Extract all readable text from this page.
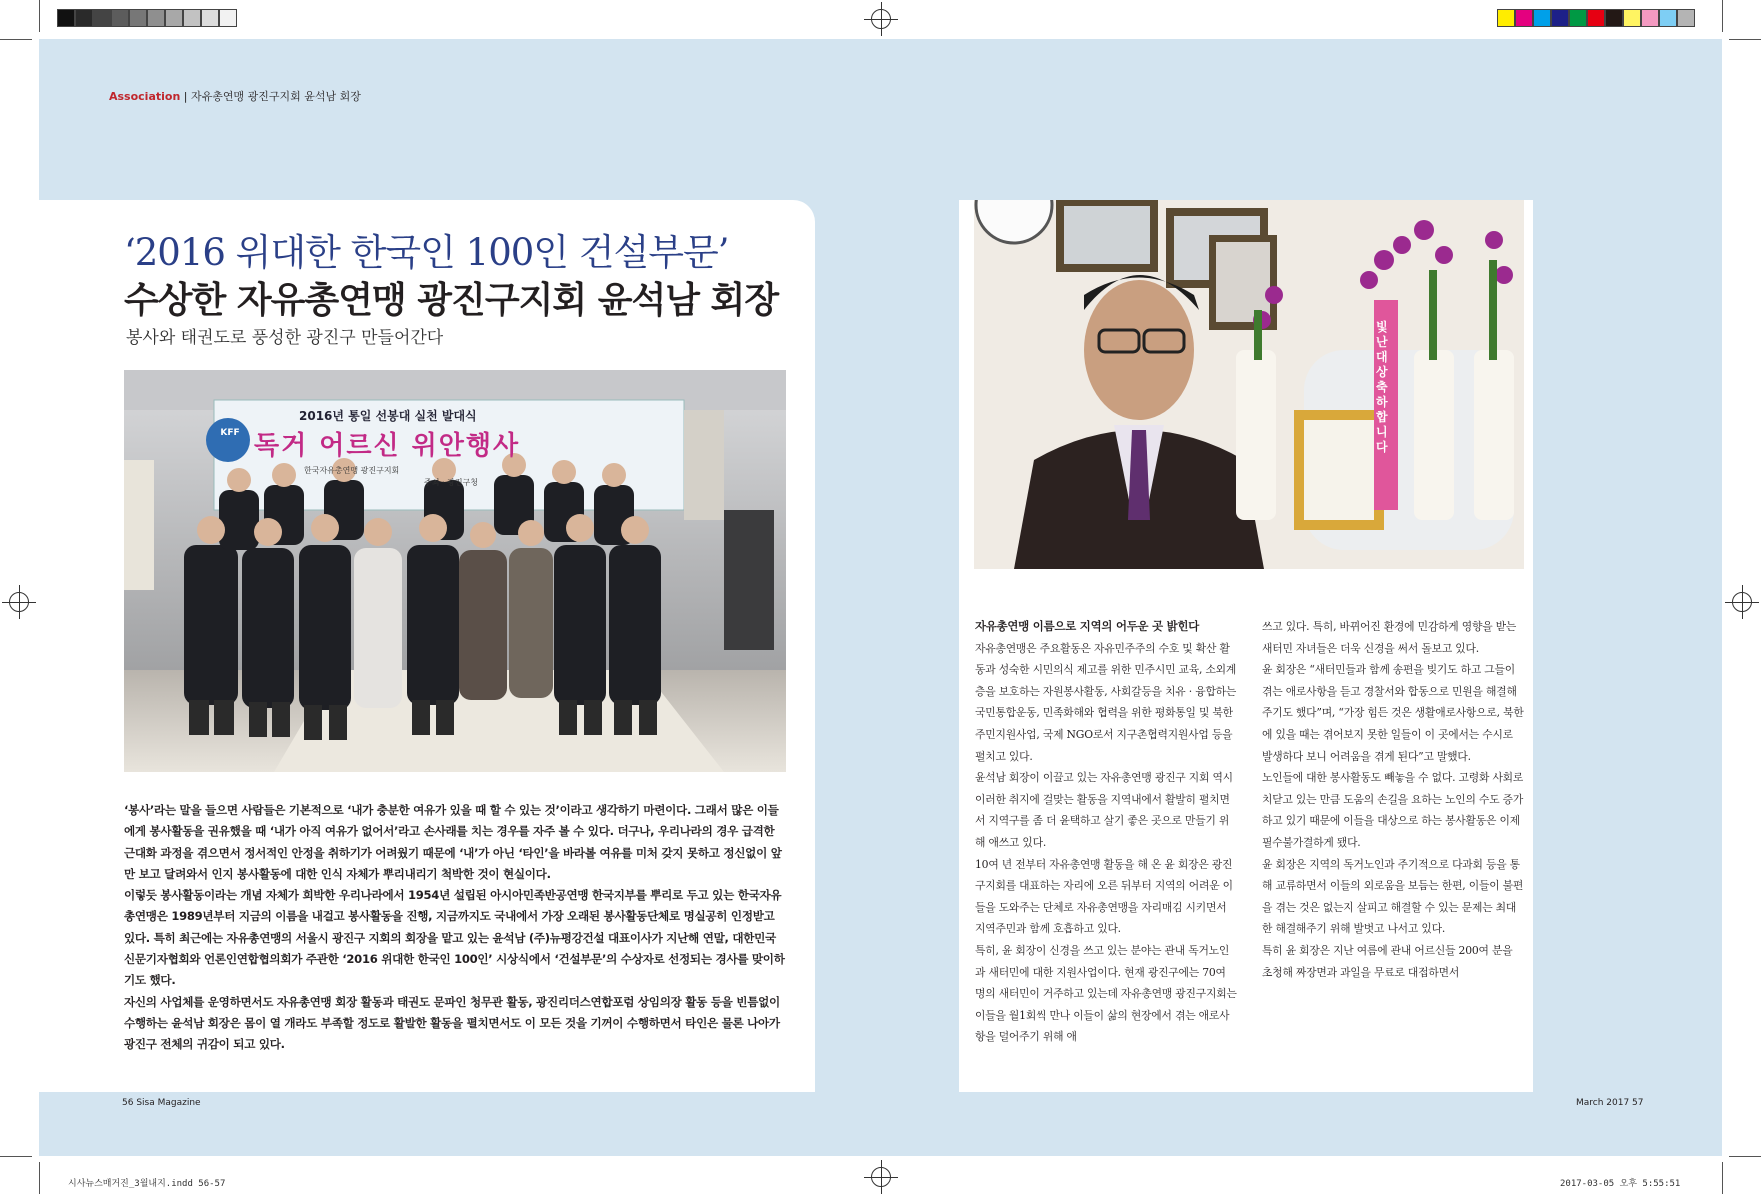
Association | 자유총연맹 광진구지회 윤석남 회장
‘2016 위대한 한국인 100인 건설부문’
수상한 자유총연맹 광진구지회 윤석남 회장
봉사와 태권도로 풍성한 광진구 만들어간다
KFF
2016년 통일 선봉대 실천 발대식
독거 어르신 위안행사
한국자유총연맹 광진구지회
주최 · 광진구청
빛난 대상 축하합니다

‘봉사’라는 말을 들으면 사람들은 기본적으로 ‘내가 충분한 여유가 있을 때 할 수 있는 것’이라고 생각하기 마련이다. 그래서 많은 이들에게 봉사활동을 권유했을 때 ‘내가 아직 여유가 없어서’라고 손사래를 치는 경우를 자주 볼 수 있다. 더구나, 우리나라의 경우 급격한 근대화 과정을 겪으면서 정서적인 안정을 취하기가 어려웠기 때문에 ‘내’가 아닌 ‘타인’을 바라볼 여유를 미처 갖지 못하고 정신없이 앞만 보고 달려와서 인지 봉사활동에 대한 인식 자체가 뿌리내리기 척박한 것이 현실이다.

이렇듯 봉사활동이라는 개념 자체가 희박한 우리나라에서 1954년 설립된 아시아민족반공연맹 한국지부를 뿌리로 두고 있는 한국자유총연맹은 1989년부터 지금의 이름을 내걸고 봉사활동을 진행, 지금까지도 국내에서 가장 오래된 봉사활동단체로 명실공히 인정받고 있다. 특히 최근에는 자유총연맹의 서울시 광진구 지회의 회장을 맡고 있는 윤석남 (주)뉴평강건설 대표이사가 지난해 연말, 대한민국신문기자협회와 언론인연합협의회가 주관한 ‘2016 위대한 한국인 100인’ 시상식에서 ‘건설부문’의 수상자로 선정되는 경사를 맞이하기도 했다.

자신의 사업체를 운영하면서도 자유총연맹 회장 활동과 태권도 문파인 청무관 활동, 광진리더스연합포럼 상임의장 활동 등을 빈틈없이 수행하는 윤석남 회장은 몸이 열 개라도 부족할 정도로 활발한 활동을 펼치면서도 이 모든 것을 기꺼이 수행하면서 타인은 물론 나아가 광진구 전체의 귀감이 되고 있다.

자유총연맹 이름으로 지역의 어두운 곳 밝힌다

자유총연맹은 주요활동은 자유민주주의 수호 및 확산 활동과 성숙한 시민의식 제고를 위한 민주시민 교육, 소외계층을 보호하는 자원봉사활동, 사회갈등을 치유 · 융합하는 국민통합운동, 민족화해와 협력을 위한 평화통일 및 북한주민지원사업, 국제 NGO로서 지구촌협력지원사업 등을 펼치고 있다.

윤석남 회장이 이끌고 있는 자유총연맹 광진구 지회 역시 이러한 취지에 걸맞는 활동을 지역내에서 활발히 펼치면서 지역구를 좀 더 윤택하고 살기 좋은 곳으로 만들기 위해 애쓰고 있다.

10여 년 전부터 자유총연맹 활동을 해 온 윤 회장은 광진구지회를 대표하는 자리에 오른 뒤부터 지역의 어려운 이들을 도와주는 단체로 자유총연맹을 자리매김 시키면서 지역주민과 함께 호흡하고 있다.

특히, 윤 회장이 신경을 쓰고 있는 분야는 관내 독거노인과 새터민에 대한 지원사업이다. 현재 광진구에는 70여 명의 새터민이 거주하고 있는데 자유총연맹 광진구지회는 이들을 월1회씩 만나 이들이 삶의 현장에서 겪는 애로사항을 덜어주기 위해 애

쓰고 있다. 특히, 바뀌어진 환경에 민감하게 영향을 받는 새터민 자녀들은 더욱 신경을 써서 돌보고 있다.

윤 회장은 “새터민들과 함께 송편을 빚기도 하고 그들이 겪는 애로사항을 듣고 경찰서와 합동으로 민원을 해결해 주기도 했다”며, “가장 힘든 것은 생활애로사항으로, 북한에 있을 때는 겪어보지 못한 일들이 이 곳에서는 수시로 발생하다 보니 어려움을 겪게 된다”고 말했다.

노인들에 대한 봉사활동도 빼놓을 수 없다. 고령화 사회로 치닫고 있는 만큼 도움의 손길을 요하는 노인의 수도 증가하고 있기 때문에 이들을 대상으로 하는 봉사활동은 이제 필수불가결하게 됐다.

윤 회장은 지역의 독거노인과 주기적으로 다과회 등을 통해 교류하면서 이들의 외로움을 보듬는 한편, 이들이 불편을 겪는 것은 없는지 살피고 해결할 수 있는 문제는 최대한 해결해주기 위해 발벗고 나서고 있다.

특히 윤 회장은 지난 여름에 관내 어르신들 200여 분을 초청해 짜장면과 과일을 무료로 대접하면서

56 Sisa Magazine	March 2017 57
시사뉴스매거진_3월내지.indd 56-57	2017-03-05 오후 5:55:51
